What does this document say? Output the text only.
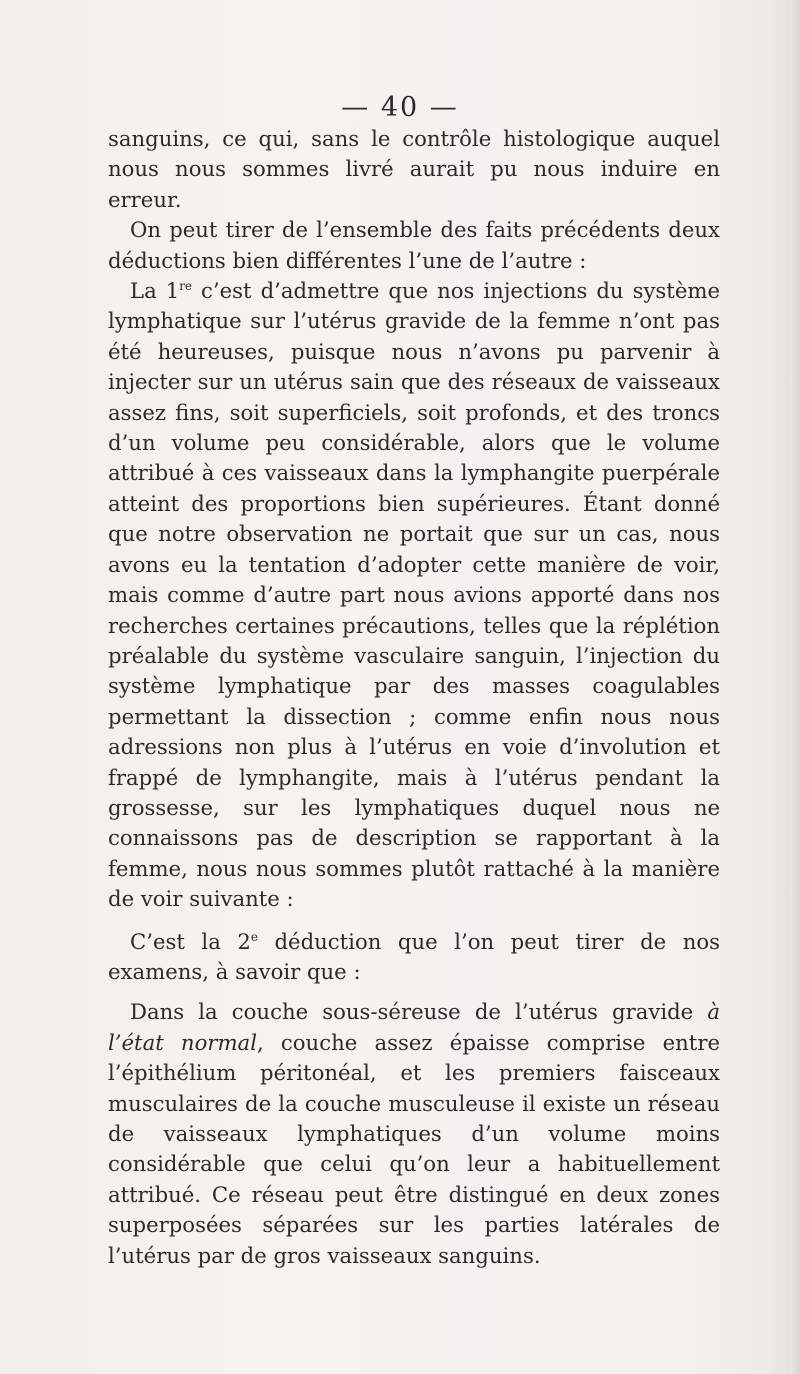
— 40 —

sanguins, ce qui, sans le contrôle histologique auquel nous nous sommes livré aurait pu nous induire en erreur.

On peut tirer de l’ensemble des faits précédents deux déductions bien différentes l’une de l’autre :

La 1re c’est d’admettre que nos injections du système lymphatique sur l’utérus gravide de la femme n’ont pas été heureuses, puisque nous n’avons pu parvenir à injecter sur un utérus sain que des réseaux de vaisseaux assez fins, soit superficiels, soit profonds, et des troncs d’un volume peu considérable, alors que le volume attribué à ces vaisseaux dans la lymphangite puerpérale atteint des proportions bien supérieures. Étant donné que notre observation ne portait que sur un cas, nous avons eu la tentation d’adopter cette manière de voir, mais comme d’autre part nous avions apporté dans nos recherches certaines précautions, telles que la réplétion préalable du système vasculaire sanguin, l’injection du système lymphatique par des masses coagulables permettant la dissection ; comme enfin nous nous adressions non plus à l’utérus en voie d’involution et frappé de lymphangite, mais à l’utérus pendant la grossesse, sur les lymphatiques duquel nous ne connaissons pas de description se rapportant à la femme, nous nous sommes plutôt rattaché à la manière de voir suivante :

C’est la 2e déduction que l’on peut tirer de nos examens, à savoir que :

Dans la couche sous-séreuse de l’utérus gravide à l’état normal, couche assez épaisse comprise entre l’épithélium péritonéal, et les premiers faisceaux musculaires de la couche musculeuse il existe un réseau de vaisseaux lymphatiques d’un volume moins considérable que celui qu’on leur a habituellement attribué. Ce réseau peut être distingué en deux zones superposées séparées sur les parties latérales de l’utérus par de gros vaisseaux sanguins.
